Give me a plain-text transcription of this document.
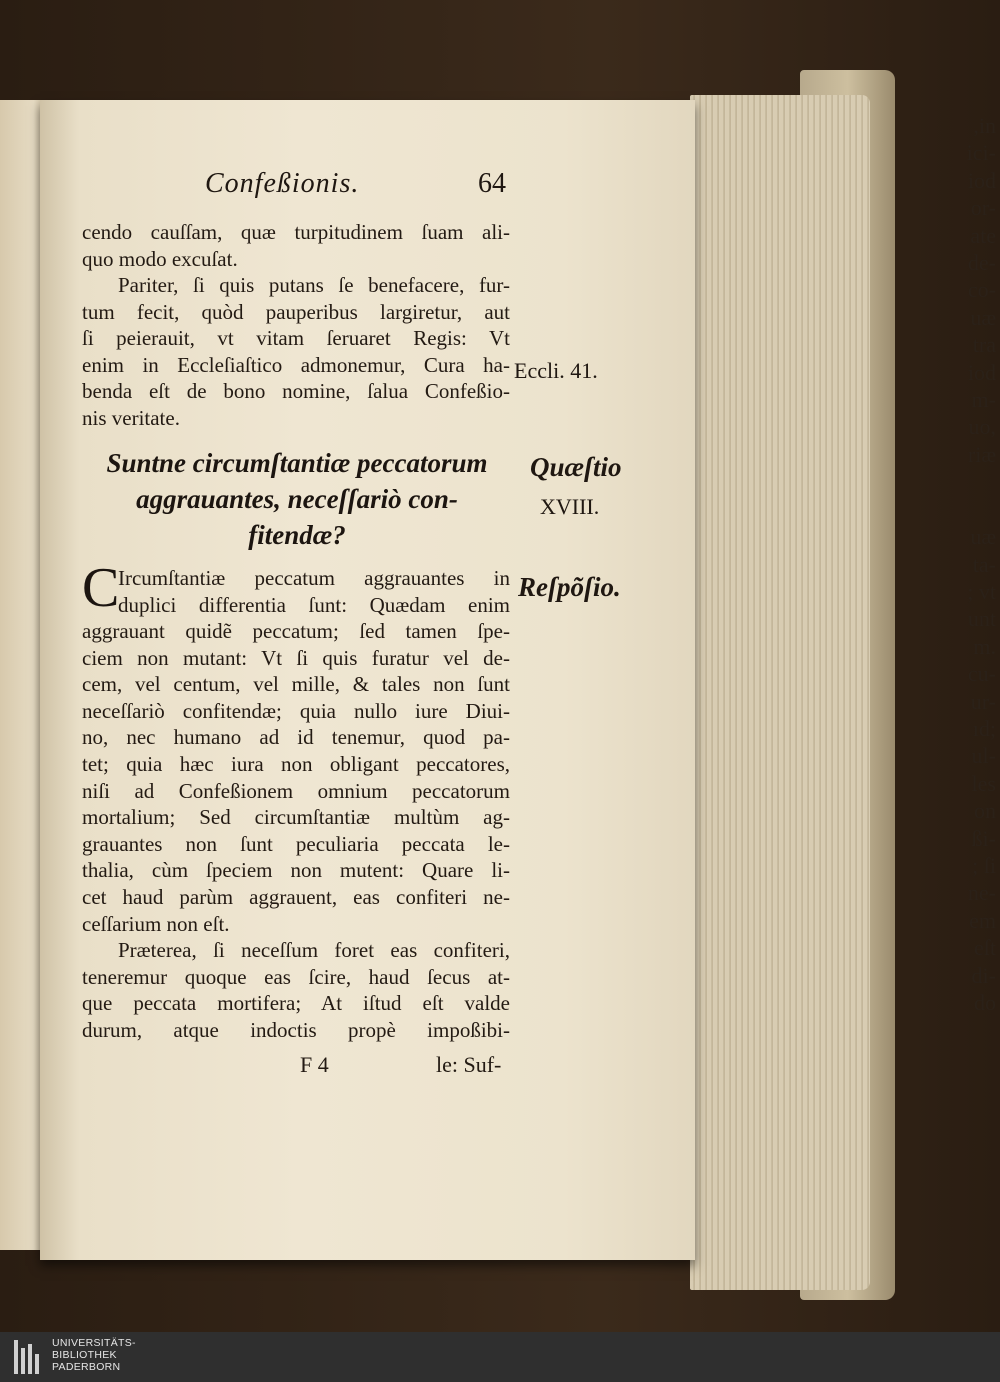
,in
ici-
iod
or-
ate
de-
co-
uæ
tra
iod
m-
uo,
riæ

uæ
ta-
; vt
unt
m.
cu-
ur-
ıd;
ul-
les
on
ßi-
; ſi
ne-
em
eſt
di-
do
Confeßionis.	64
cendo cauſſam, quæ turpitudinem ſuam ali-
quo modo excuſat.
Pariter, ſi quis putans ſe benefacere, fur-
tum fecit, quòd pauperibus largiretur, aut
ſi peierauit, vt vitam ſeruaret Regis: Vt
enim in Eccleſiaſtico admonemur, Cura ha-
benda eſt de bono nomine, ſalua Confeßio-
nis veritate.
Eccli. 41.
Suntne circumſtantiæ peccatorum
aggrauantes, neceſſariò con-
fitendæ?
Quæſtio
XVIII.
Reſpõſio.
C
Ircumſtantiæ peccatum aggrauantes in
duplici differentia ſunt: Quædam enim
aggrauant quidẽ peccatum; ſed tamen ſpe-
ciem non mutant: Vt ſi quis furatur vel de-
cem, vel centum, vel mille, & tales non ſunt
neceſſariò confitendæ; quia nullo iure Diui-
no, nec humano ad id tenemur, quod pa-
tet; quia hæc iura non obligant peccatores,
niſi ad Confeßionem omnium peccatorum
mortalium; Sed circumſtantiæ multùm ag-
grauantes non ſunt peculiaria peccata le-
thalia, cùm ſpeciem non mutent: Quare li-
cet haud parùm aggrauent, eas confiteri ne-
ceſſarium non eſt.
Præterea, ſi neceſſum foret eas confiteri,
teneremur quoque eas ſcire, haud ſecus at-
que peccata mortifera; At iſtud eſt valde
durum, atque indoctis propè impoßibi-
F 4	le: Suf-
UNIVERSITÄTS-
BIBLIOTHEK
PADERBORN
